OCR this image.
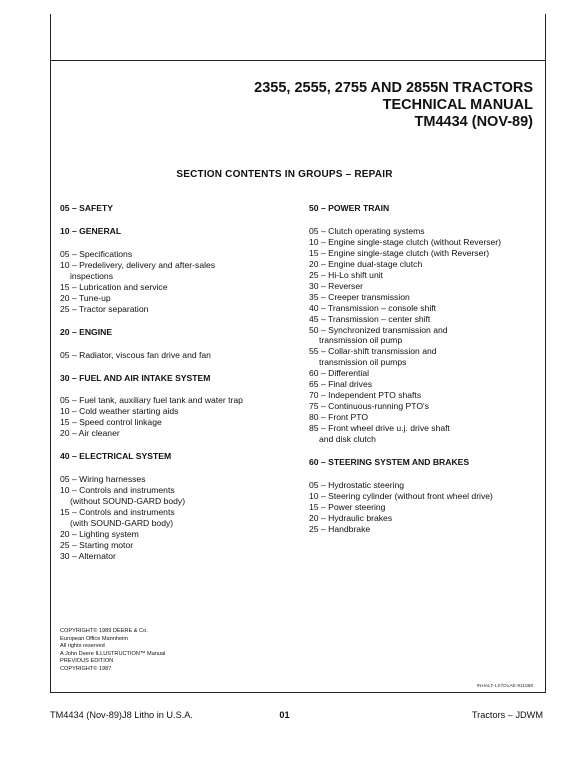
2355, 2555, 2755 AND 2855N TRACTORS
TECHNICAL MANUAL
TM4434 (NOV-89)
SECTION CONTENTS IN GROUPS – REPAIR
05 – SAFETY
10 – GENERAL
05 – Specifications
10 – Predelivery, delivery and after-sales
inspections
15 – Lubrication and service
20 – Tune-up
25 – Tractor separation
20 – ENGINE
05 – Radiator, viscous fan drive and fan
30 – FUEL AND AIR INTAKE SYSTEM
05 – Fuel tank, auxiliary fuel tank and water trap
10 – Cold weather starting aids
15 – Speed control linkage
20 – Air cleaner
40 – ELECTRICAL SYSTEM
05 – Wiring harnesses
10 – Controls and instruments
(without SOUND-GARD body)
15 – Controls and instruments
(with SOUND-GARD body)
20 – Lighting system
25 – Starting motor
30 – Alternator
50 – POWER TRAIN
05 – Clutch operating systems
10 – Engine single-stage clutch (without Reverser)
15 – Engine single-stage clutch (with Reverser)
20 – Engine dual-stage clutch
25 – Hi-Lo shift unit
30 – Reverser
35 – Creeper transmission
40 – Transmission – console shift
45 – Transmission – center shift
50 – Synchronized transmission and
transmission oil pump
55 – Collar-shift transmission and
transmission oil pumps
60 – Differential
65 – Final drives
70 – Independent PTO shafts
75 – Continuous-running PTO's
80 – Front PTO
85 – Front wheel drive u.j. drive shaft
and disk clutch
60 – STEERING SYSTEM AND BRAKES
05 – Hydrostatic steering
10 – Steering cylinder (without front wheel drive)
15 – Power steering
20 – Hydraulic brakes
25 – Handbrake
COPYRIGHT© 1989 DEERE & Co.
European Office Mannheim
All rights reserved
A John Deere ILLUSTRUCTION™ Manual
PREVIOUS EDITION
COPYRIGHT© 1987
INHALT-LS7D1AE-911088
TM4434 (Nov-89)J8 Litho in U.S.A.	01	Tractors – JDWM
